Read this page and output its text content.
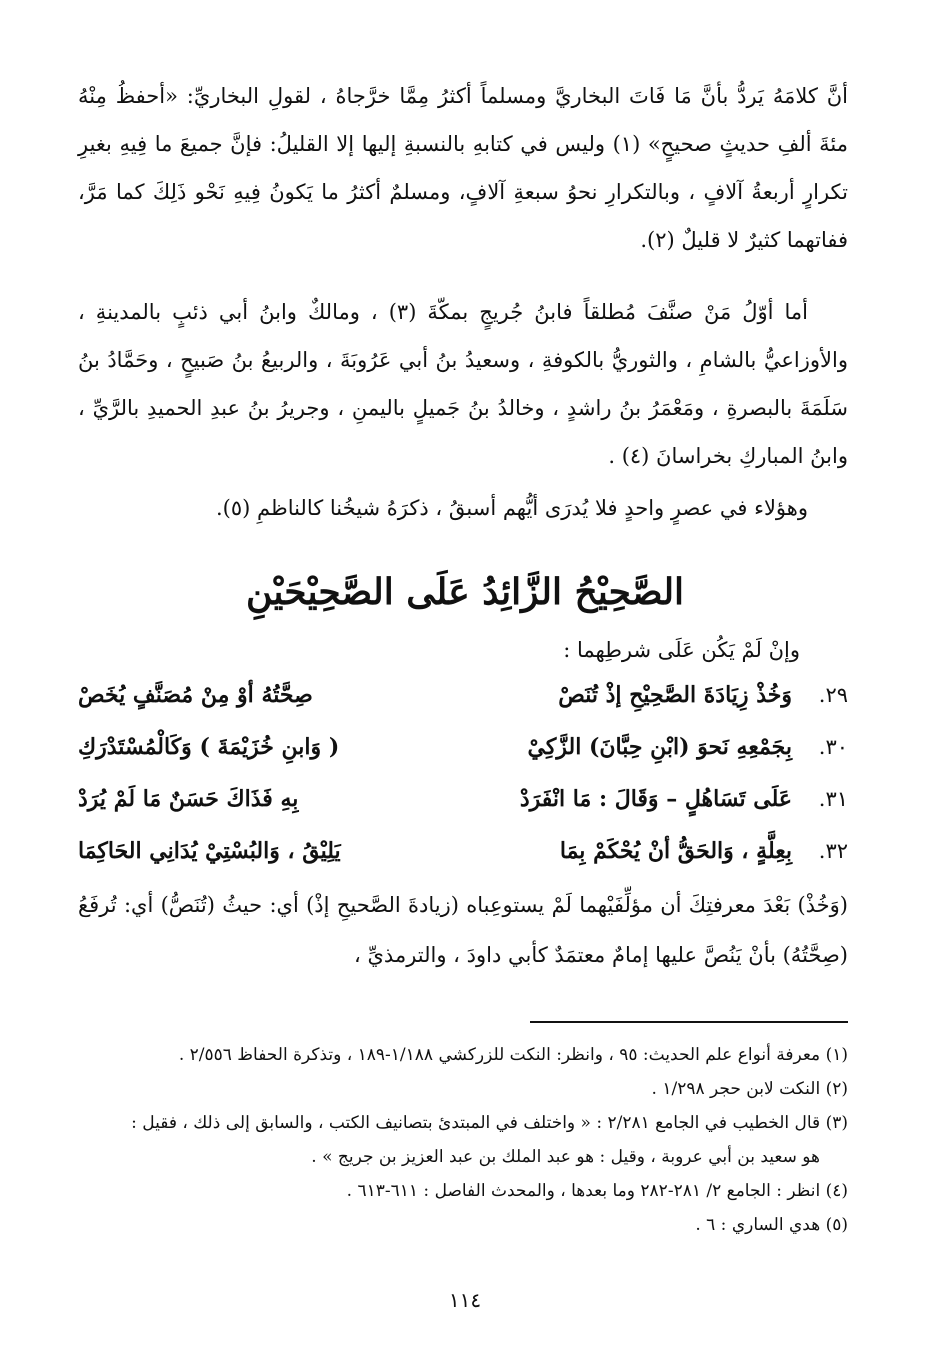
أنَّ كلامَهُ يَردُّ بأنَّ مَا فَاتَ البخاريَّ ومسلماً أكثرُ مِمَّا خرَّجاهُ ، لقولِ البخاريِّ: «أحفظُ مِنْهُ مئةَ ألفِ حديثٍ صحيحٍ» (١) وليس في كتابهِ بالنسبةِ إليها إلا القليلُ: فإنَّ جميعَ ما فِيهِ بغيرِ تكرارٍ أربعةُ آلافٍ ، وبالتكرارِ نحوُ سبعةِ آلافٍ، ومسلمٌ أكثرُ ما يَكونُ فِيهِ نَحْو ذَلِكَ كما مَرَّ، ففاتهما كثيرٌ لا قليلٌ (٢).

أما أوّلُ مَنْ صنَّفَ مُطلقاً فابنُ جُريجٍ بمكّةَ (٣) ، ومالكٌ وابنُ أبي ذئبٍ بالمدينةِ ، والأوزاعيُّ بالشامِ ، والثوريُّ بالكوفةِ ، وسعيدُ بنُ أبي عَرُوبَةَ ، والربيعُ بنُ صَبيحٍ ، وحَمَّادُ بنُ سَلَمَةَ بالبصرةِ ، ومَعْمَرُ بنُ راشدٍ ، وخالدُ بنُ جَميلٍ باليمنِ ، وجريرُ بنُ عبدِ الحميدِ بالرَّيِّ ، وابنُ المباركِ بخراسانَ (٤) .

وهؤلاء في عصرٍ واحدٍ فلا يُدرَى أيُّهم أسبقُ ، ذكرَهُ شيخُنا كالناظمِ (٥).

الصَّحِيْحُ الزَّائِدُ عَلَى الصَّحِيْحَيْنِ

وإنْ لَمْ يَكُن عَلَى شرطِهما :

٢٩.
وَخُذْ زِيَادَةَ الصَّحِيْحِ إذْ تُنَصْ
صِحَّتُهُ أوْ مِنْ مُصَنَّفٍ يُخَصْ
٣٠.
بِجَمْعِهِ نَحوَ (ابْنِ حِبَّانَ) الزَّكِيْ
( وَابنِ خُزَيْمَةَ ) وَكَالْمُسْتَدْرَكِ
٣١.
عَلَى تَسَاهُلٍ – وَقَالَ : مَا انْفَرَدْ
بِهِ فَذَاكَ حَسَنٌ مَا لَمْ يُرَدْ
٣٢.
بِعِلَّةٍ ، وَالحَقُّ أنْ يُحْكَمْ بِمَا
يَلِيْقُ ، وَالبُسْتِيْ يُدَانِي الحَاكِمَا

(وَخُذْ) بَعْدَ معرفتِكَ أن مؤلِّفَيْهما لَمْ يستوعِباه (زيادةَ الصَّحيحِ إذْ) أي: حيثُ (تُنَصُّ) أي: تُرفَعُ (صِحَّتُهُ) بأنْ يَنُصَّ عليها إمامٌ معتمَدٌ كأبي داودَ ، والترمذيِّ ،

(١) معرفة أنواع علم الحديث: ٩٥ ، وانظر: النكت للزركشي ١/١٨٨-١٨٩ ، وتذكرة الحفاظ ٢/٥٥٦ .

(٢) النكت لابن حجر ١/٢٩٨ .

(٣) قال الخطيب في الجامع ٢/٢٨١ : « واختلف في المبتدئ بتصانيف الكتب ، والسابق إلى ذلك ، فقيل :

هو سعيد بن أبي عروبة ، وقيل : هو عبد الملك بن عبد العزيز بن جريج » .

(٤) انظر : الجامع ٢/ ٢٨١-٢٨٢ وما بعدها ، والمحدث الفاصل : ٦١١-٦١٣ .

(٥) هدي الساري : ٦ .

١١٤
